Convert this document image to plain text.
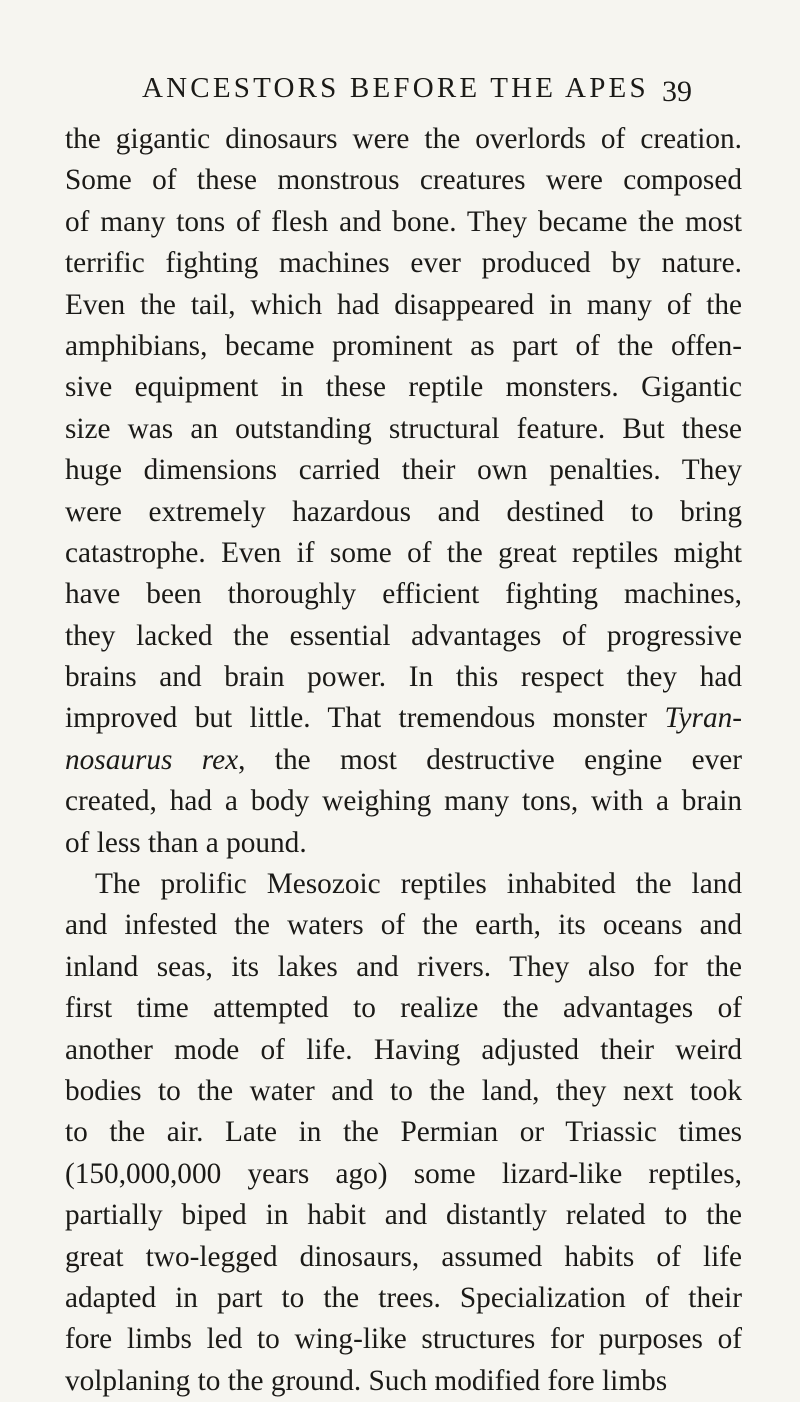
ANCESTORS BEFORE THE APES 39
the gigantic dinosaurs were the overlords of creation.
Some of these monstrous creatures were composed
of many tons of flesh and bone. They became the most
terrific fighting machines ever produced by nature.
Even the tail, which had disappeared in many of the
amphibians, became prominent as part of the offen-
sive equipment in these reptile monsters. Gigantic
size was an outstanding structural feature. But these
huge dimensions carried their own penalties. They
were extremely hazardous and destined to bring
catastrophe. Even if some of the great reptiles might
have been thoroughly efficient fighting machines,
they lacked the essential advantages of progressive
brains and brain power. In this respect they had
improved but little. That tremendous monster Tyran-
nosaurus rex, the most destructive engine ever
created, had a body weighing many tons, with a brain
of less than a pound.
The prolific Mesozoic reptiles inhabited the land
and infested the waters of the earth, its oceans and
inland seas, its lakes and rivers. They also for the
first time attempted to realize the advantages of
another mode of life. Having adjusted their weird
bodies to the water and to the land, they next took
to the air. Late in the Permian or Triassic times
(150,000,000 years ago) some lizard-like reptiles,
partially biped in habit and distantly related to the
great two-legged dinosaurs, assumed habits of life
adapted in part to the trees. Specialization of their
fore limbs led to wing-like structures for purposes of
volplaning to the ground. Such modified fore limbs
